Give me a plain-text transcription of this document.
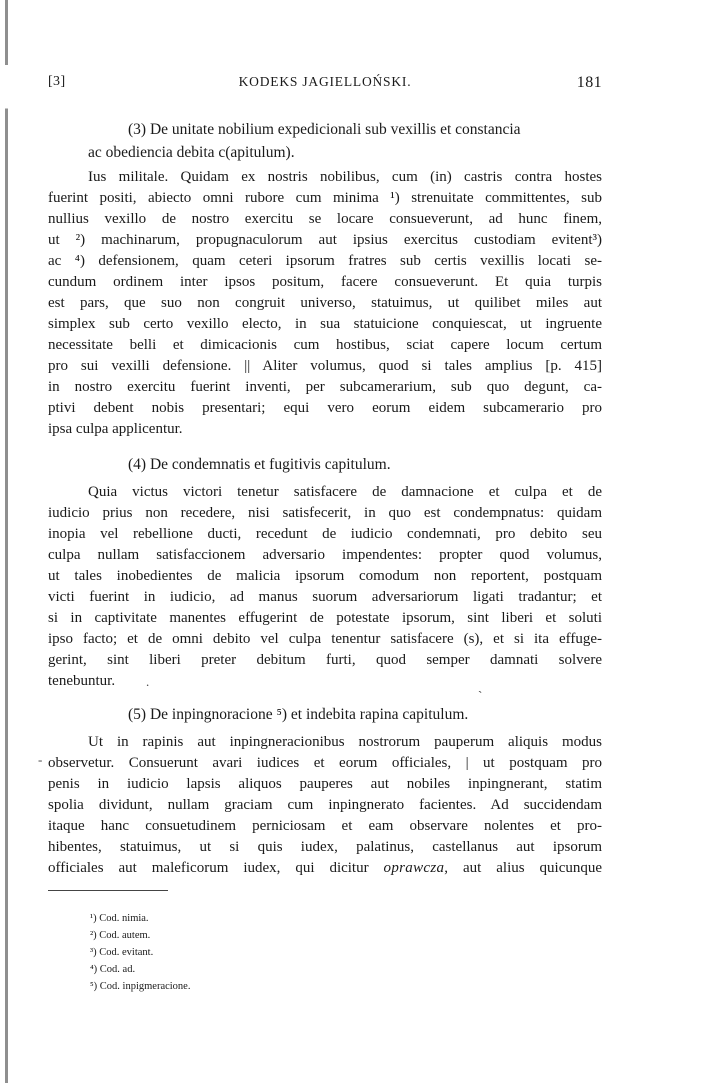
[3]	KODEKS JAGIELLOŃSKI.	181
(3) De unitate nobilium expedicionali sub vexillis et constancia
ac obediencia debita c(apitulum).
Ius militale. Quidam ex nostris nobilibus, cum (in) castris contra hostes
fuerint positi, abiecto omni rubore cum minima ¹) strenuitate committentes, sub
nullius vexillo de nostro exercitu se locare consueverunt, ad hunc finem,
ut ²) machinarum, propugnaculorum aut ipsius exercitus custodiam evitent³)
ac ⁴) defensionem, quam ceteri ipsorum fratres sub certis vexillis locati se-
cundum ordinem inter ipsos positum, facere consueverunt. Et quia turpis
est pars, que suo non congruit universo, statuimus, ut quilibet miles aut
simplex sub certo vexillo electo, in sua statuicione conquiescat, ut ingruente
necessitate belli et dimicacionis cum hostibus, sciat capere locum certum
pro sui vexilli defensione. || Aliter volumus, quod si tales amplius [p. 415]
in nostro exercitu fuerint inventi, per subcamerarium, sub quo degunt, ca-
ptivi debent nobis presentari; equi vero eorum eidem subcamerario pro
ipsa culpa applicentur.
(4) De condemnatis et fugitivis capitulum.
Quia victus victori tenetur satisfacere de damnacione et culpa et de
iudicio prius non recedere, nisi satisfecerit, in quo est condempnatus: quidam
inopia vel rebellione ducti, recedunt de iudicio condemnati, pro debito seu
culpa nullam satisfaccionem adversario impendentes: propter quod volumus,
ut tales inobedientes de malicia ipsorum comodum non reportent, postquam
victi fuerint in iudicio, ad manus suorum adversariorum ligati tradantur; et
si in captivitate manentes effugerint de potestate ipsorum, sint liberi et soluti
ipso facto; et de omni debito vel culpa tenentur satisfacere (s), et si ita effuge-
gerint, sint liberi preter debitum furti, quod semper damnati solvere
tenebuntur.	.
`
-
(5) De inpingnoracione ⁵) et indebita rapina capitulum.
Ut in rapinis aut inpingneracionibus nostrorum pauperum aliquis modus
observetur. Consuerunt avari iudices et eorum officiales, | ut postquam pro
penis in iudicio lapsis aliquos pauperes aut nobiles inpingnerant, statim
spolia dividunt, nullam graciam cum inpingnerato facientes. Ad succidendam
itaque hanc consuetudinem perniciosam et eam observare nolentes et pro-
hibentes, statuimus, ut si quis iudex, palatinus, castellanus aut ipsorum
officiales aut maleficorum iudex, qui dicitur oprawcza, aut alius quicunque
¹) Cod. nimia.
²) Cod. autem.
³) Cod. evitant.
⁴) Cod. ad.
⁵) Cod. inpigmeracione.
